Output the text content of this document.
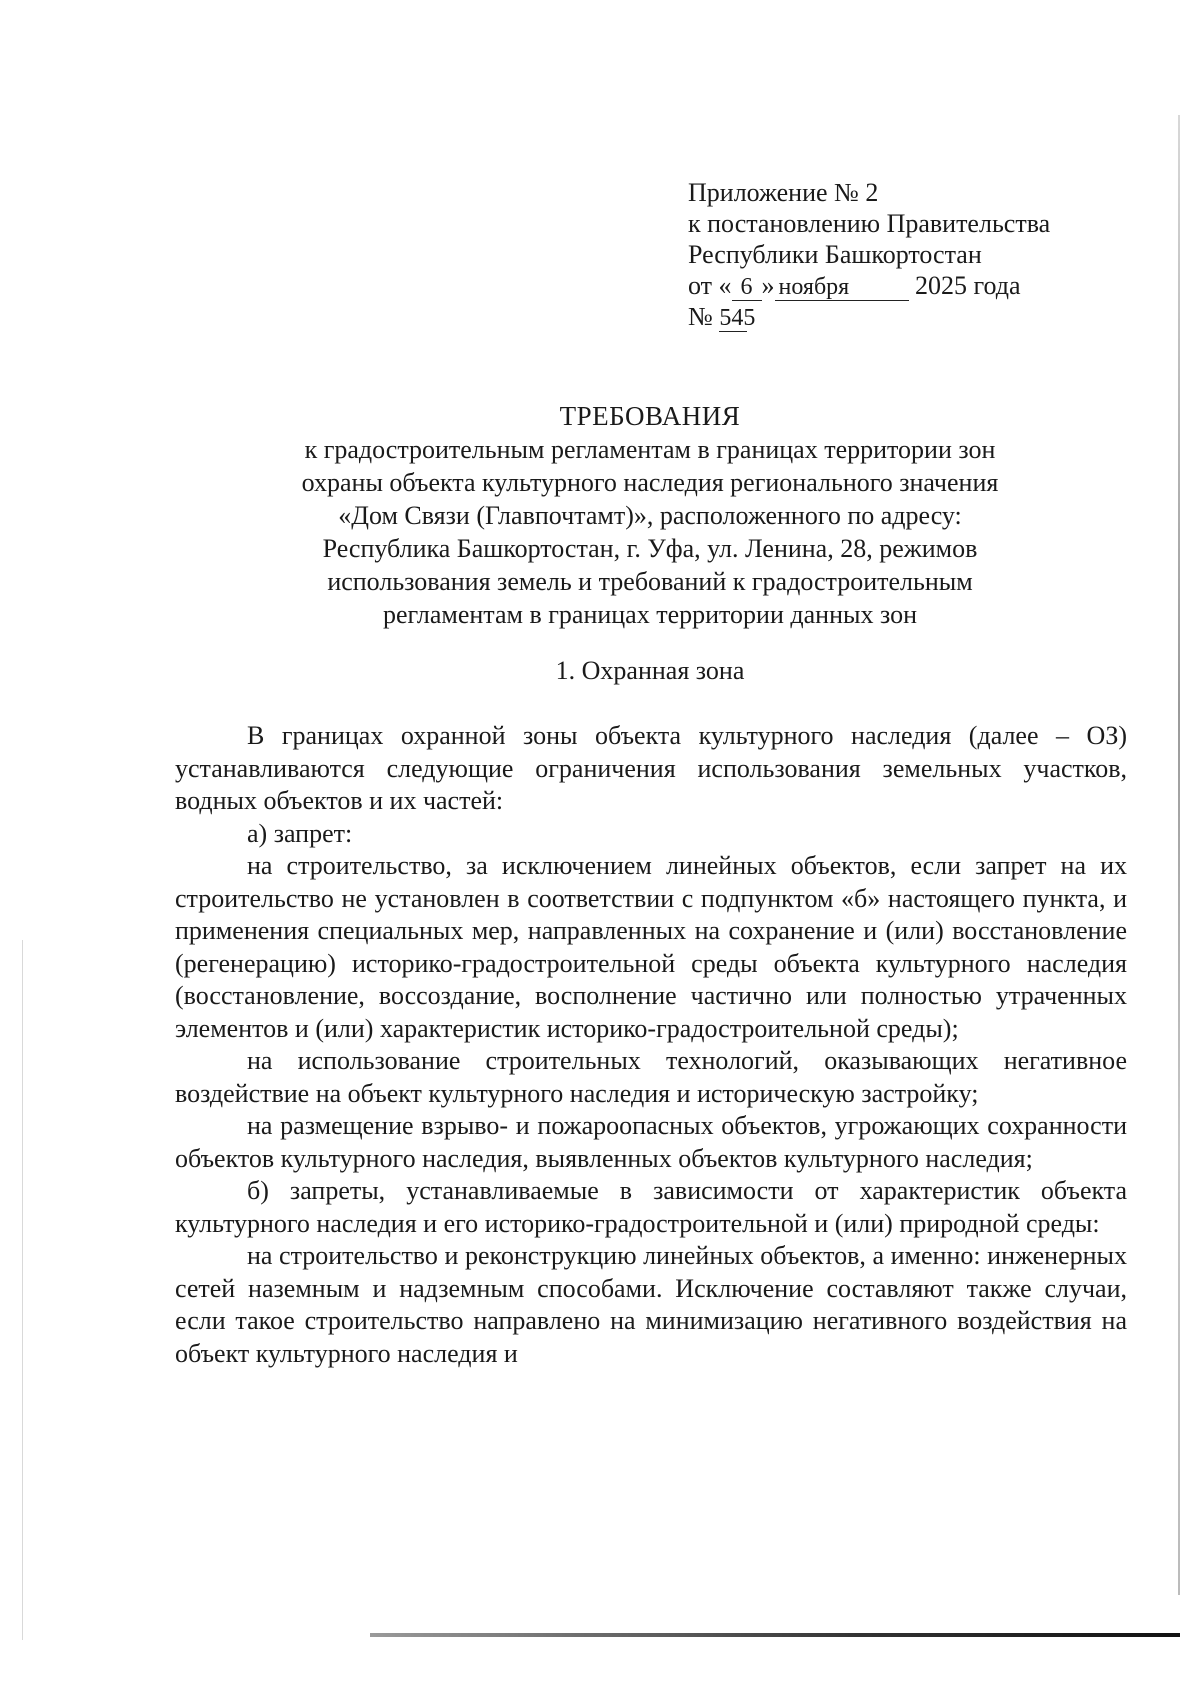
Приложение № 2
к постановлению Правительства
Республики Башкортостан
от « 6 » ноября	2025 года
№ 545
ТРЕБОВАНИЯ
к градостроительным регламентам в границах территории зон
охраны объекта культурного наследия регионального значения
«Дом Связи (Главпочтамт)», расположенного по адресу:
Республика Башкортостан, г. Уфа, ул. Ленина, 28, режимов
использования земель и требований к градостроительным
регламентам в границах территории данных зон
1. Охранная зона

В границах охранной зоны объекта культурного наследия (далее – ОЗ) устанавливаются следующие ограничения использования земельных участков, водных объектов и их частей:

а) запрет:

на строительство, за исключением линейных объектов, если запрет на их строительство не установлен в соответствии с подпунктом «б» настоящего пункта, и применения специальных мер, направленных на сохранение и (или) восстановление (регенерацию) историко-градостроительной среды объекта культурного наследия (восстановление, воссоздание, восполнение частично или полностью утраченных элементов и (или) характеристик историко-градостроительной среды);

на использование строительных технологий, оказывающих негативное воздействие на объект культурного наследия и историческую застройку;

на размещение взрыво- и пожароопасных объектов, угрожающих сохранности объектов культурного наследия, выявленных объектов культурного наследия;

б) запреты, устанавливаемые в зависимости от характеристик объекта культурного наследия и его историко-градостроительной и (или) природной среды:

на строительство и реконструкцию линейных объектов, а именно: инженерных сетей наземным и надземным способами. Исключение составляют также случаи, если такое строительство направлено на минимизацию негативного воздействия на объект культурного наследия и
